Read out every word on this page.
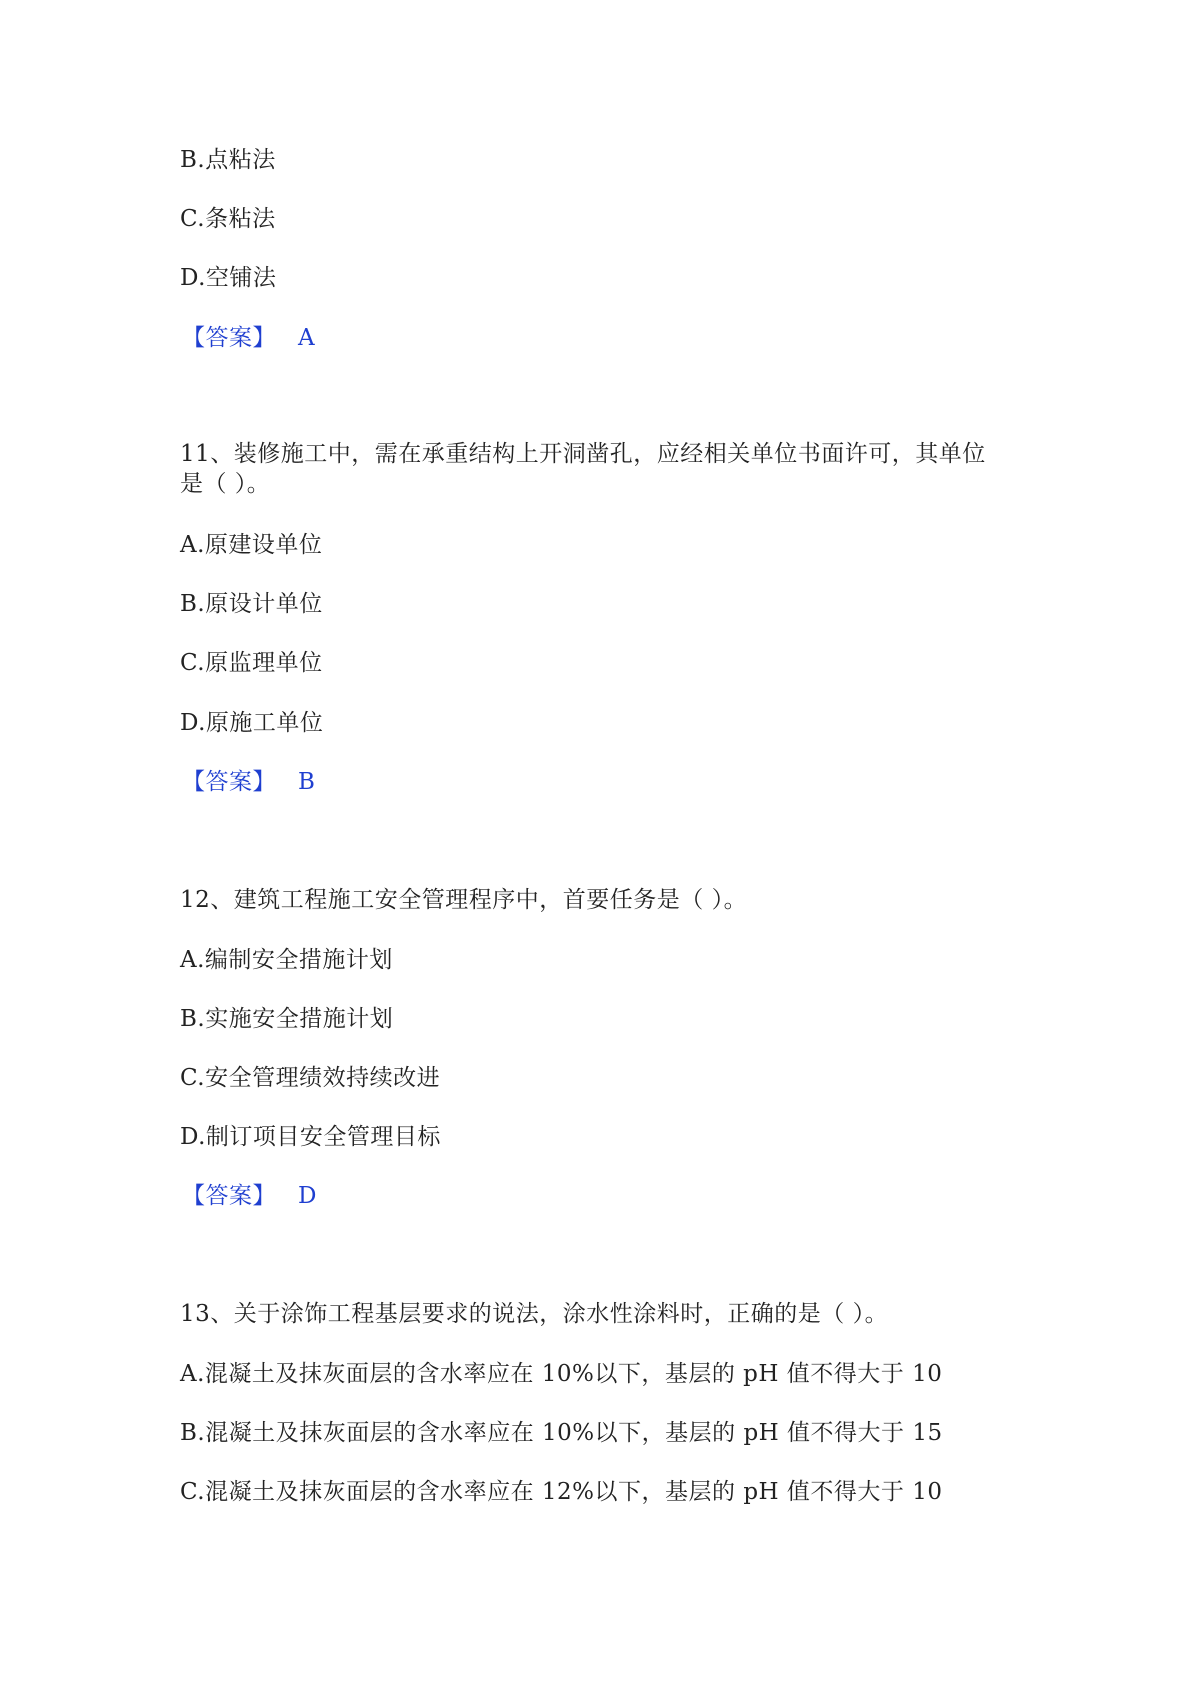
B.点粘法
C.条粘法
D.空铺法
【答案】 A
11、装修施工中，需在承重结构上开洞凿孔，应经相关单位书面许可，其单位
是（ ）。
A.原建设单位
B.原设计单位
C.原监理单位
D.原施工单位
【答案】 B
12、建筑工程施工安全管理程序中，首要任务是（ ）。
A.编制安全措施计划
B.实施安全措施计划
C.安全管理绩效持续改进
D.制订项目安全管理目标
【答案】 D
13、关于涂饰工程基层要求的说法，涂水性涂料时，正确的是（ ）。
A.混凝土及抹灰面层的含水率应在 10%以下，基层的 pH 值不得大于 10
B.混凝土及抹灰面层的含水率应在 10%以下，基层的 pH 值不得大于 15
C.混凝土及抹灰面层的含水率应在 12%以下，基层的 pH 值不得大于 10
